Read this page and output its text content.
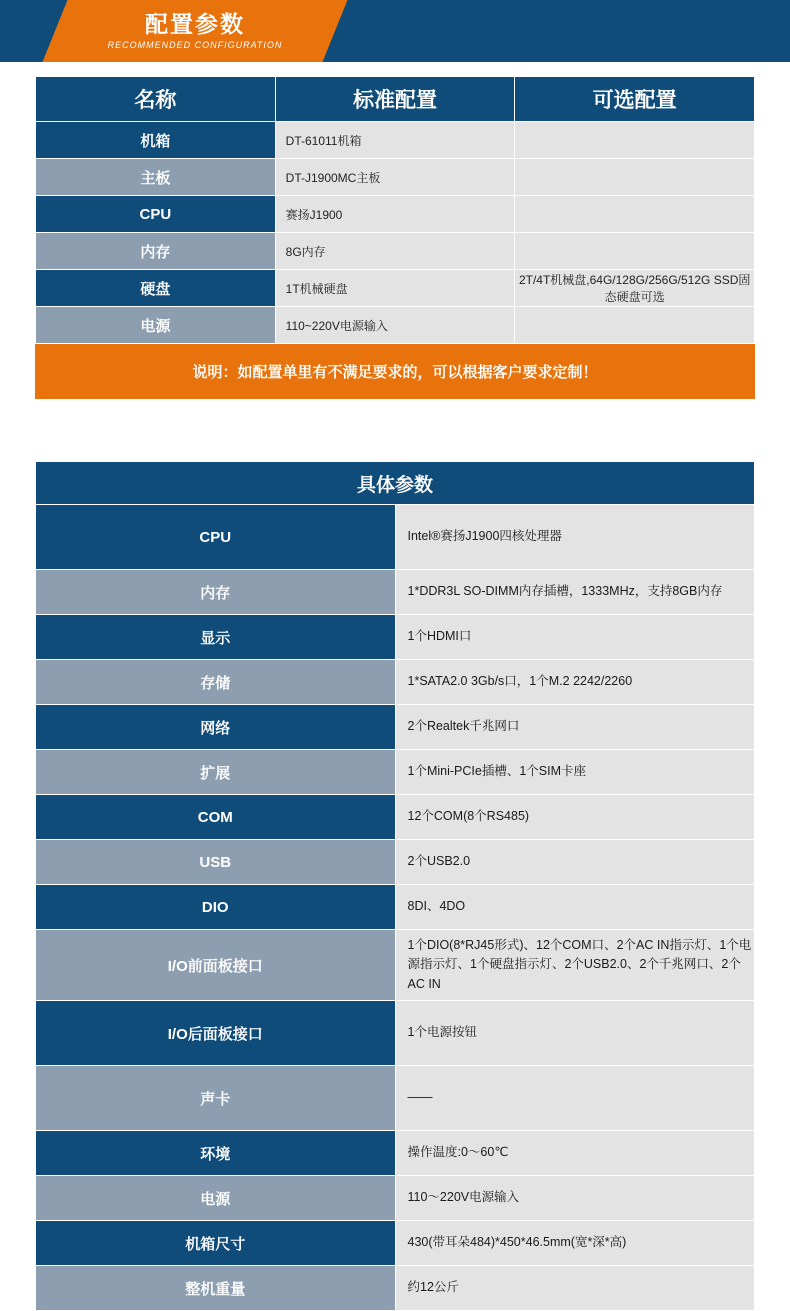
配置参数
RECOMMENDED CONFIGURATION
名称	标准配置	可选配置
机箱	DT-61011机箱	
主板	DT-J1900MC主板	
CPU	赛扬J1900	
内存	8G内存	
硬盘	1T机械硬盘	2T/4T机械盘,64G/128G/256G/512G SSD固态硬盘可选
电源	110~220V电源输入	
说明：如配置单里有不满足要求的，可以根据客户要求定制！
具体参数	
CPU	Intel®赛扬J1900四核处理器
内存	1*DDR3L SO-DIMM内存插槽，1333MHz，支持8GB内存
显示	1个HDMI口
存储	1*SATA2.0 3Gb/s口，1个M.2 2242/2260
网络	2个Realtek千兆网口
扩展	1个Mini-PCIe插槽、1个SIM卡座
COM	12个COM(8个RS485)
USB	2个USB2.0
DIO	8DI、4DO
I/O前面板接口	1个DIO(8*RJ45形式)、12个COM口、2个AC IN指示灯、1个电源指示灯、1个硬盘指示灯、2个USB2.0、2个千兆网口、2个AC IN
I/O后面板接口	1个电源按钮
声卡	——
环境	操作温度:0～60℃
电源	110～220V电源输入
机箱尺寸	430(带耳朵484)*450*46.5mm(宽*深*高)
整机重量	约12公斤
